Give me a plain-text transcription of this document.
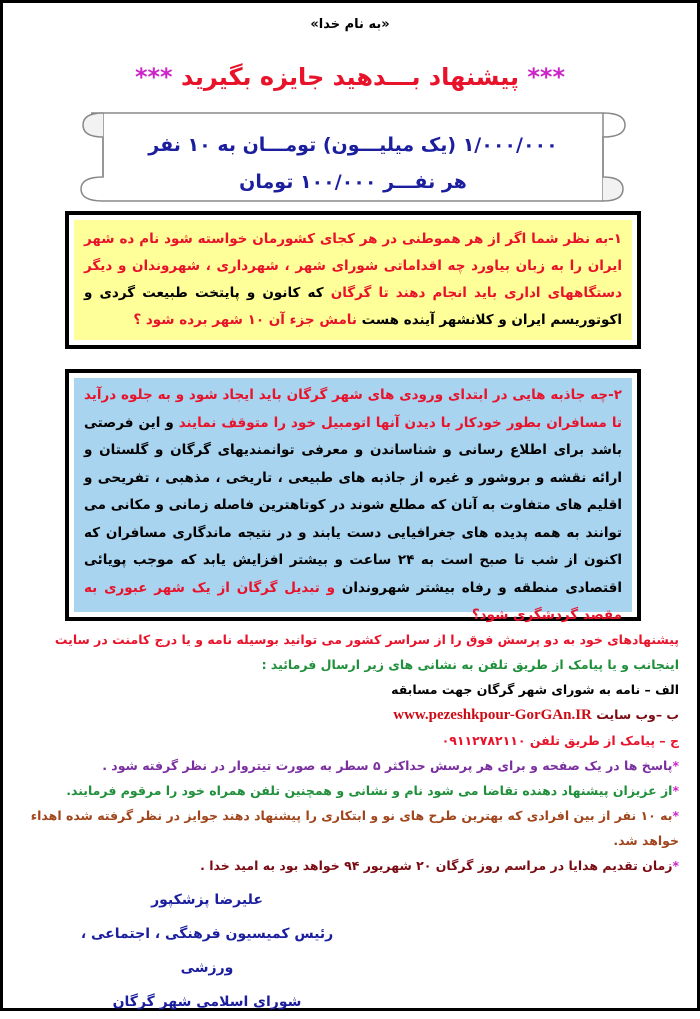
«به نام خدا»
*** پیشنهاد بـــدهید جایزه بگیرید ***
۱/۰۰۰/۰۰۰ (یک میلیـــون) تومـــان به ۱۰ نفر
هر نفـــر ۱۰۰/۰۰۰ تومان
۱-به نظر شما اگر از هر هموطنی در هر کجای کشورمان خواسته شود نام ده شهر ایران را به زبان بیاورد چه اقداماتی شورای شهر ، شهرداری ، شهروندان و دیگر دستگاههای اداری باید انجام دهند تا گرگان که کانون و پایتخت طبیعت گردی و اکوتوریسم ایران و کلانشهر آینده هست نامش جزء آن ۱۰ شهر برده شود ؟
۲-چه جاذبه هایی در ابتدای ورودی های شهر گرگان باید ایجاد شود و به جلوه درآید تا مسافران بطور خودکار با دیدن آنها اتومبیل خود را متوقف نمایند و این فرصتی باشد برای اطلاع رسانی و شناساندن و معرفی توانمندیهای گرگان و گلستان و ارائه نقشه و بروشور و غیره از جاذبه های طبیعی ، تاریخی ، مذهبی ، تفریحی و اقلیم های متفاوت به آنان که مطلع شوند در کوتاهترین فاصله زمانی و مکانی می توانند به همه پدیده های جغرافیایی دست یابند و در نتیجه ماندگاری مسافران که اکنون از شب تا صبح است به ۲۴ ساعت و بیشتر افزایش یابد که موجب پویائی اقتصادی منطقه و رفاه بیشتر شهروندان و تبدیل گرگان از یک شهر عبوری به مقصد گردشگری شود؟
پیشنهادهای خود به دو پرسش فوق را از سراسر کشور می توانید بوسیله نامه و یا درج کامنت در سایت
اینجانب و یا پیامک از طریق تلفن به نشانی های زیر ارسال فرمائید :
الف – نامه به شورای شهر گرگان جهت مسابقه
ب –وب سایت www.pezeshkpour-GorGAn.IR
ج – پیامک از طریق تلفن ۰۹۱۱۲۷۸۲۱۱۰
*پاسخ ها در یک صفحه و برای هر پرسش حداکثر ۵ سطر به صورت تیتروار در نظر گرفته شود .
*از عزیزان پیشنهاد دهنده تقاضا می شود نام و نشانی و همچنین تلفن همراه خود را مرقوم فرمایند.
*به ۱۰ نفر از بین افرادی که بهترین طرح های نو و ابتکاری را پیشنهاد دهند جوایز در نظر گرفته شده اهداء
خواهد شد.
*زمان تقدیم هدایا در مراسم روز گرگان ۲۰ شهریور ۹۴ خواهد بود به امید خدا .
علیرضا پزشکپور
رئیس کمیسیون فرهنگی ، اجتماعی ، ورزشی
شورای اسلامی شهر گرگان
